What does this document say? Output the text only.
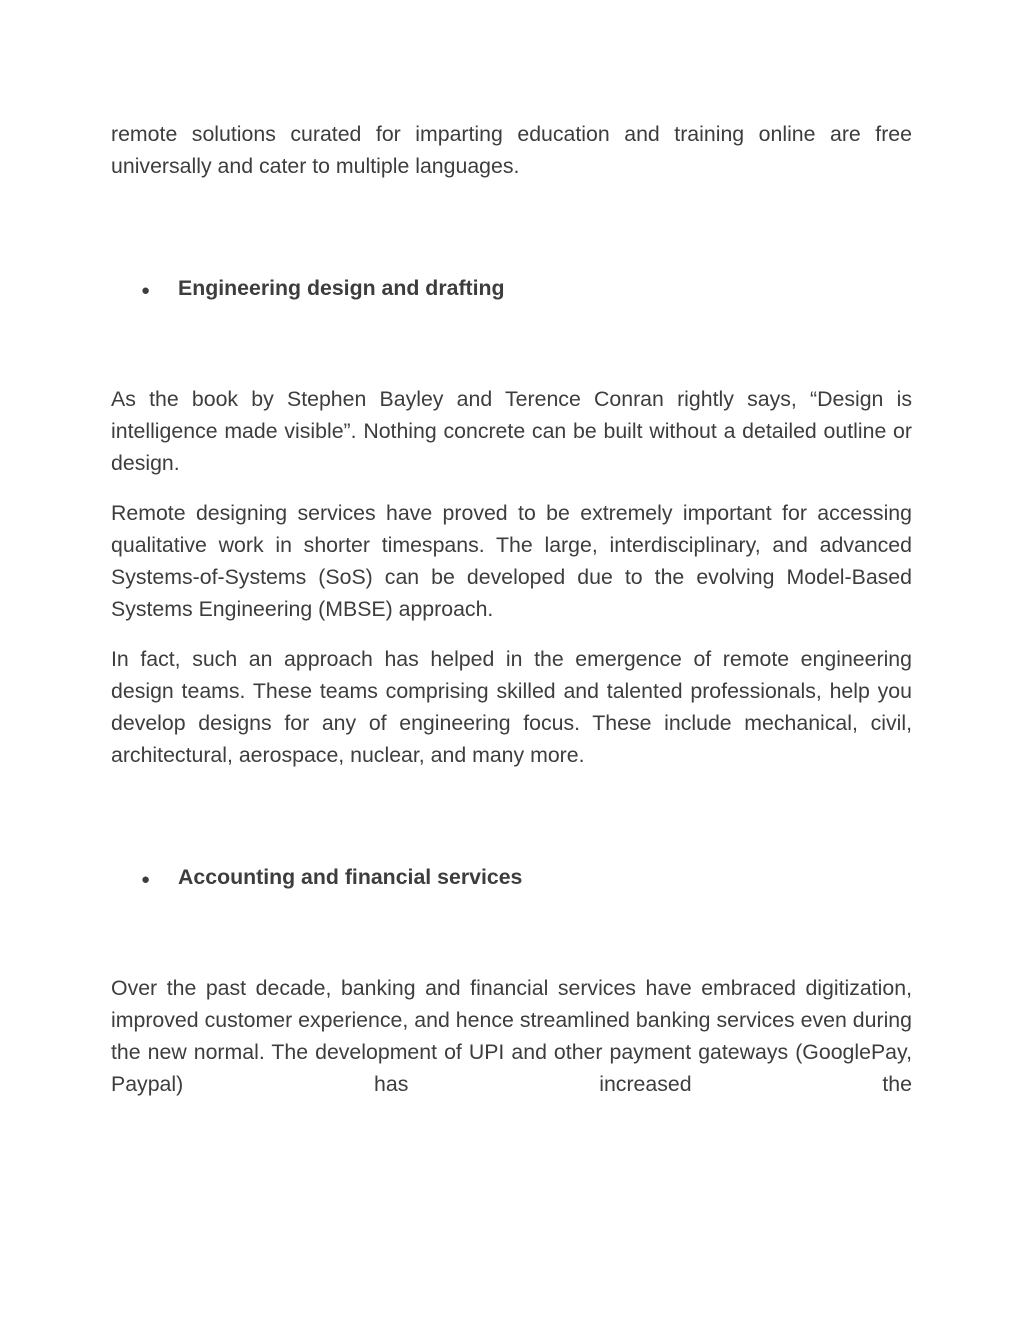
remote solutions curated for imparting education and training online are free universally and cater to multiple languages.

●	Engineering design and drafting

As the book by Stephen Bayley and Terence Conran rightly says, “Design is intelligence made visible”. Nothing concrete can be built without a detailed outline or design.

Remote designing services have proved to be extremely important for accessing qualitative work in shorter timespans. The large, interdisciplinary, and advanced Systems-of-Systems (SoS) can be developed due to the evolving Model-Based Systems Engineering (MBSE) approach.

In fact, such an approach has helped in the emergence of remote engineering design teams. These teams comprising skilled and talented professionals, help you develop designs for any of engineering focus. These include mechanical, civil, architectural, aerospace, nuclear, and many more.

●	Accounting and financial services

Over the past decade, banking and financial services have embraced digitization, improved customer experience, and hence streamlined banking services even during the new normal. The development of UPI and other payment gateways (GooglePay, Paypal) has increased the
